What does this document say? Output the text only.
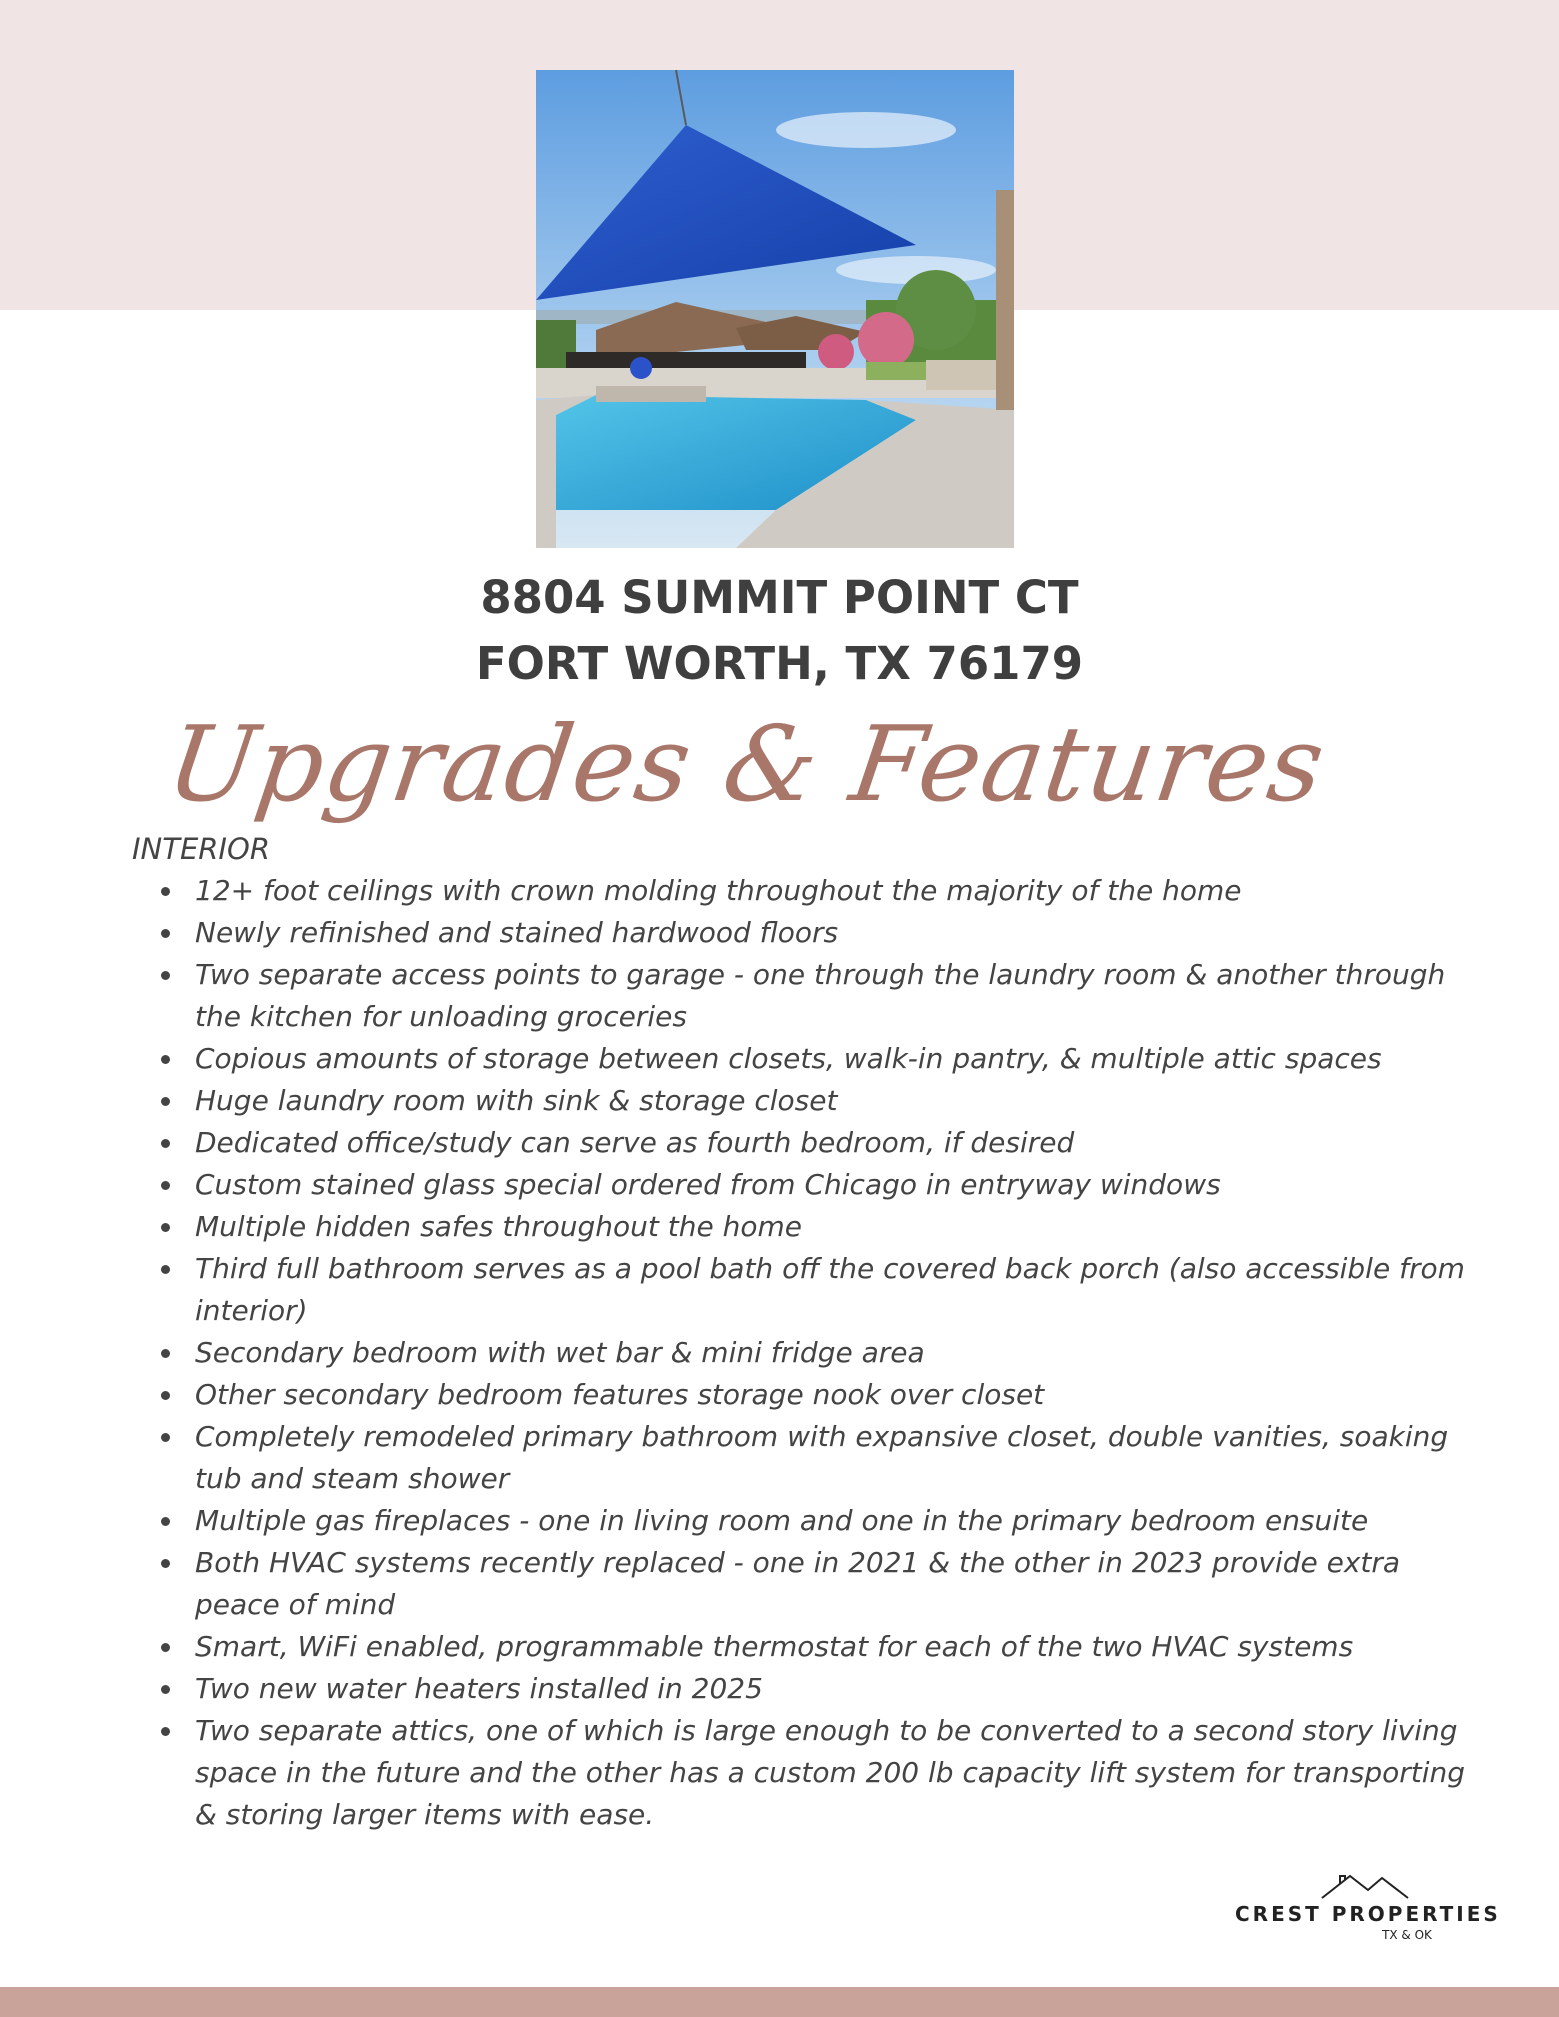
8804 SUMMIT POINT CT
FORT WORTH, TX 76179
Upgrades & Features
INTERIOR
• 12+ foot ceilings with crown molding throughout the majority of the home
• Newly refinished and stained hardwood floors
• Two separate access points to garage - one through the laundry room & another through the kitchen for unloading groceries
• Copious amounts of storage between closets, walk-in pantry, & multiple attic spaces
• Huge laundry room with sink & storage closet
• Dedicated office/study can serve as fourth bedroom, if desired
• Custom stained glass special ordered from Chicago in entryway windows
• Multiple hidden safes throughout the home
• Third full bathroom serves as a pool bath off the covered back porch (also accessible from interior)
• Secondary bedroom with wet bar & mini fridge area
• Other secondary bedroom features storage nook over closet
• Completely remodeled primary bathroom with expansive closet, double vanities, soaking tub and steam shower
• Multiple gas fireplaces - one in living room and one in the primary bedroom ensuite
• Both HVAC systems recently replaced - one in 2021 & the other in 2023 provide extra peace of mind
• Smart, WiFi enabled, programmable thermostat for each of the two HVAC systems
• Two new water heaters installed in 2025
• Two separate attics, one of which is large enough to be converted to a second story living space in the future and the other has a custom 200 lb capacity lift system for transporting & storing larger items with ease.
CREST PROPERTIES
TX & OK
